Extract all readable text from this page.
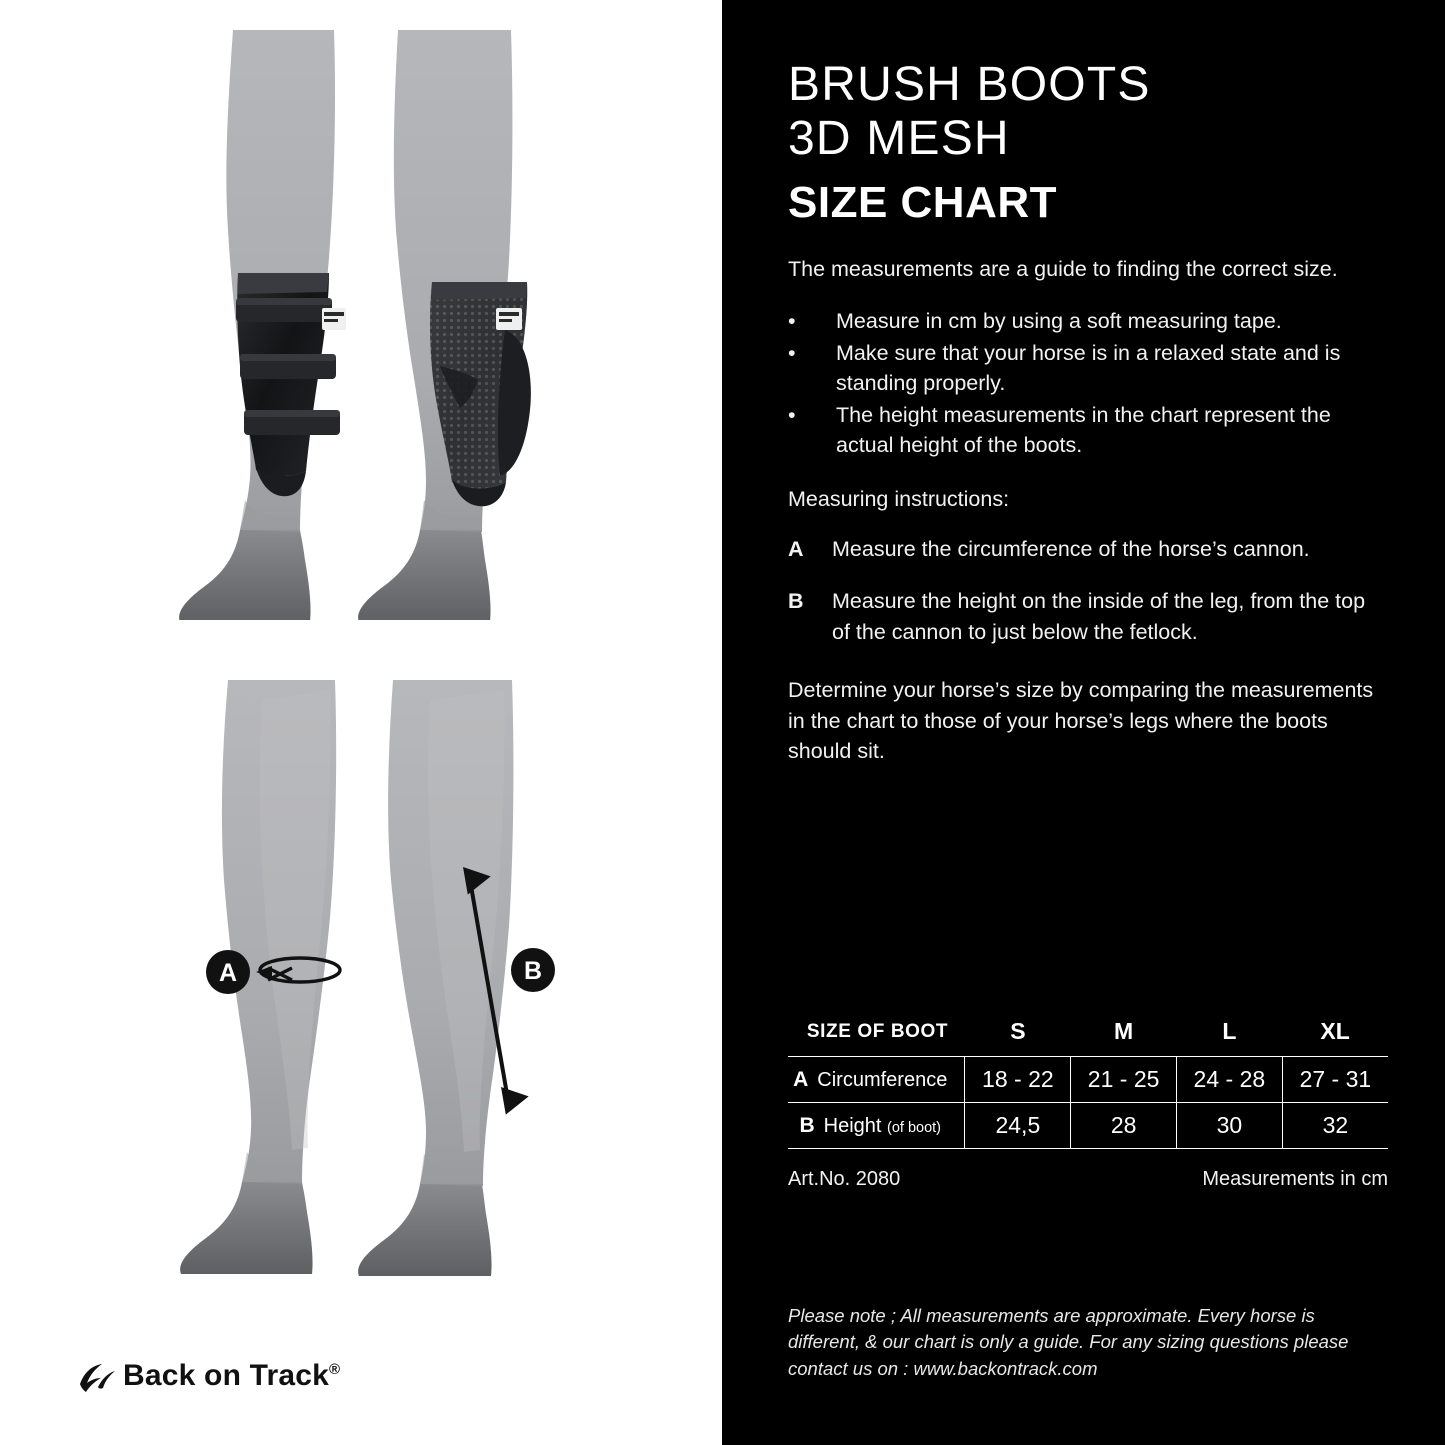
A	B
Back on Track®
BRUSH BOOTS
3D MESH
SIZE CHART
The measurements are a guide to finding the correct size.
•	Measure in cm by using a soft measuring tape.
•	Make sure that your horse is in a relaxed state and is standing properly.
•	The height measurements in the chart represent the actual height of the boots.
Measuring instructions:
A	Measure the circumference of the horse’s cannon.
B	Measure the height on the inside of the leg, from the top of the cannon to just below the fetlock.
Determine your horse’s size by comparing the measurements in the chart to those of your horse’s legs where the boots should sit.
SIZE OF BOOT	S	M	L	XL
A Circumference	18 - 22	21 - 25	24 - 28	27 - 31
B Height (of boot)	24,5	28	30	32
Art.No. 2080	Measurements in cm
Please note ; All measurements are approximate. Every horse is different, & our chart is only a guide. For any sizing questions please contact us on : www.backontrack.com
